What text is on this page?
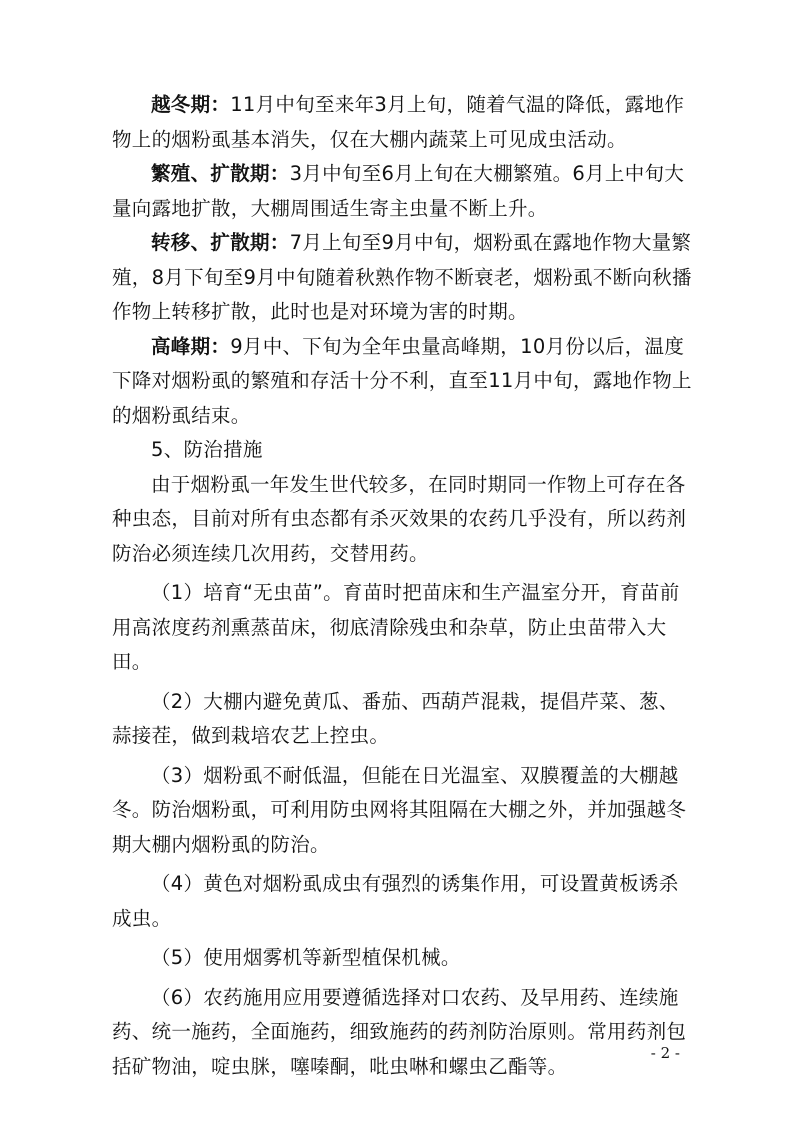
越冬期：11月中旬至来年3月上旬，随着气温的降低，露地作物上的烟粉虱基本消失，仅在大棚内蔬菜上可见成虫活动。

繁殖、扩散期：3月中旬至6月上旬在大棚繁殖。6月上中旬大量向露地扩散，大棚周围适生寄主虫量不断上升。

转移、扩散期：7月上旬至9月中旬，烟粉虱在露地作物大量繁殖，8月下旬至9月中旬随着秋熟作物不断衰老，烟粉虱不断向秋播作物上转移扩散，此时也是对环境为害的时期。

高峰期：9月中、下旬为全年虫量高峰期，10月份以后，温度下降对烟粉虱的繁殖和存活十分不利，直至11月中旬，露地作物上的烟粉虱结束。

5、防治措施

由于烟粉虱一年发生世代较多，在同时期同一作物上可存在各种虫态，目前对所有虫态都有杀灭效果的农药几乎没有，所以药剂防治必须连续几次用药，交替用药。

（1）培育“无虫苗”。育苗时把苗床和生产温室分开，育苗前用高浓度药剂熏蒸苗床，彻底清除残虫和杂草，防止虫苗带入大田。

（2）大棚内避免黄瓜、番茄、西葫芦混栽，提倡芹菜、葱、蒜接茬，做到栽培农艺上控虫。

（3）烟粉虱不耐低温，但能在日光温室、双膜覆盖的大棚越冬。防治烟粉虱，可利用防虫网将其阻隔在大棚之外，并加强越冬期大棚内烟粉虱的防治。

（4）黄色对烟粉虱成虫有强烈的诱集作用，可设置黄板诱杀成虫。

（5）使用烟雾机等新型植保机械。

（6）农药施用应用要遵循选择对口农药、及早用药、连续施药、统一施药，全面施药，细致施药的药剂防治原则。常用药剂包括矿物油，啶虫脒，噻嗪酮，吡虫啉和螺虫乙酯等。

- 2 -
